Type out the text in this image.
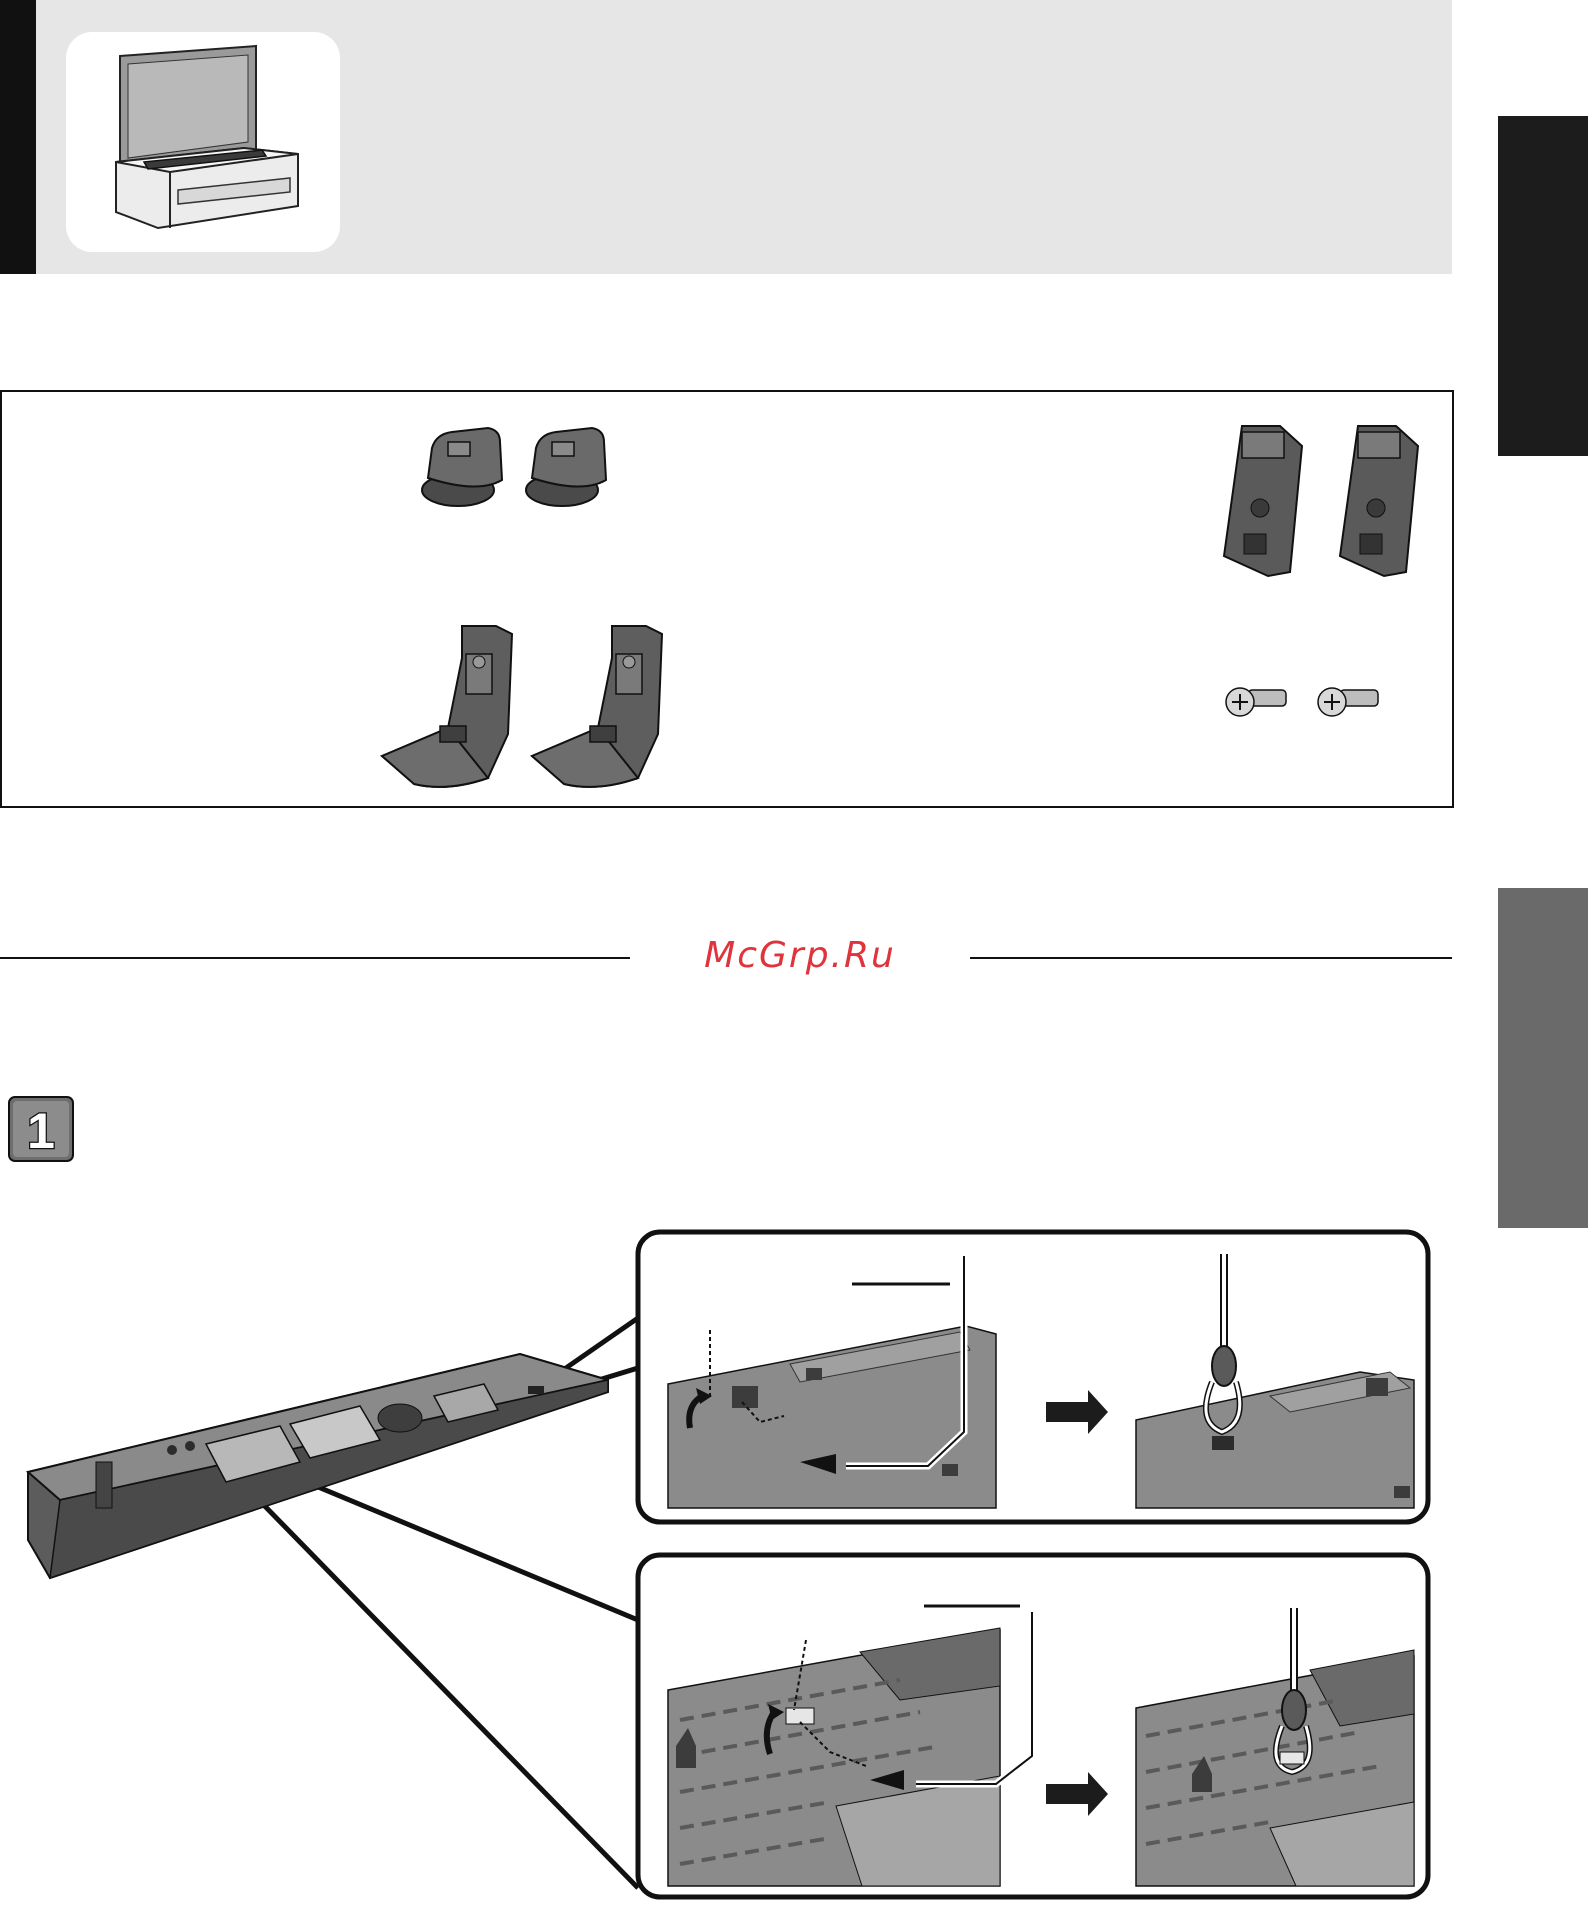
McGrp.Ru
1
